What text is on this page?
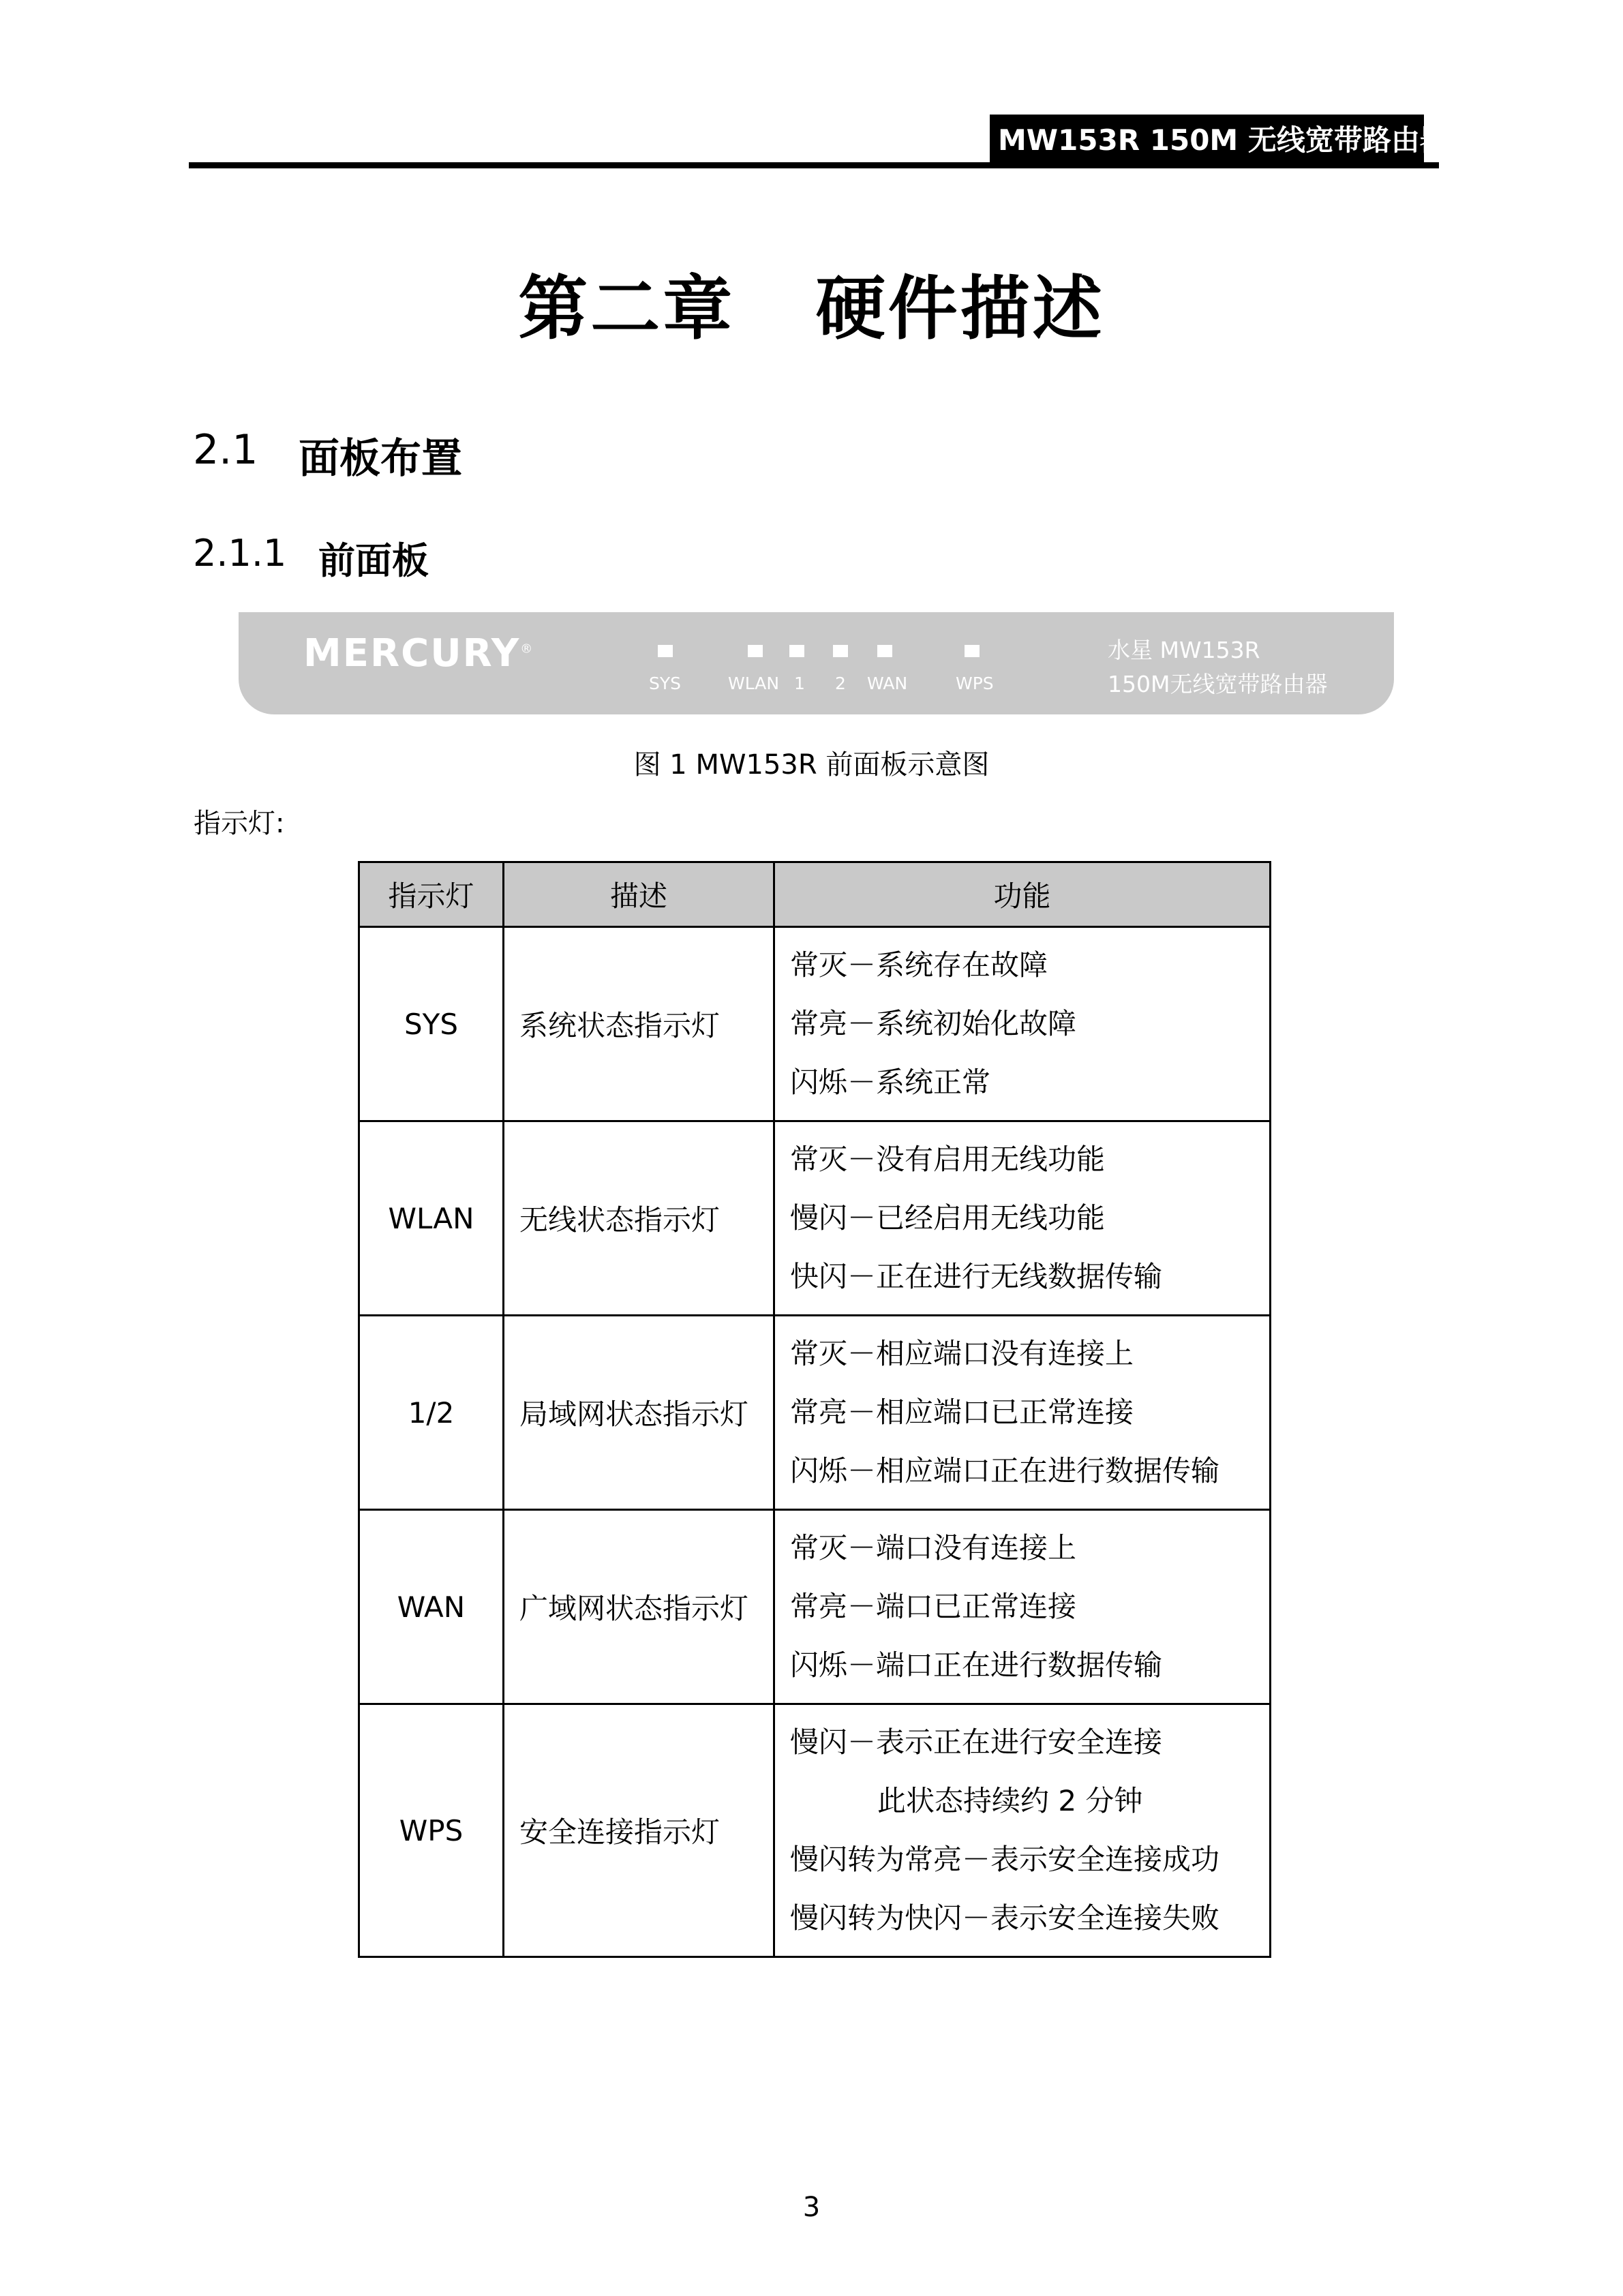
MW153R 150M 无线宽带路由器
第二章   硬件描述
2.1 面板布置
2.1.1 前面板
MERCURY®
SYS	WLAN 1 2 WAN	WPS
水星 MW153R
150M无线宽带路由器
图 1 MW153R 前面板示意图
指示灯:
指示灯	描述	功能
SYS	系统状态指示灯	常灭－系统存在故障
常亮－系统初始化故障
闪烁－系统正常

WLAN	无线状态指示灯	常灭－没有启用无线功能
慢闪－已经启用无线功能
快闪－正在进行无线数据传输

1/2	局域网状态指示灯	常灭－相应端口没有连接上
常亮－相应端口已正常连接
闪烁－相应端口正在进行数据传输

WAN	广域网状态指示灯	常灭－端口没有连接上
常亮－端口已正常连接
闪烁－端口正在进行数据传输

WPS	安全连接指示灯	慢闪－表示正在进行安全连接
此状态持续约 2 分钟
慢闪转为常亮－表示安全连接成功
慢闪转为快闪－表示安全连接失败
3
